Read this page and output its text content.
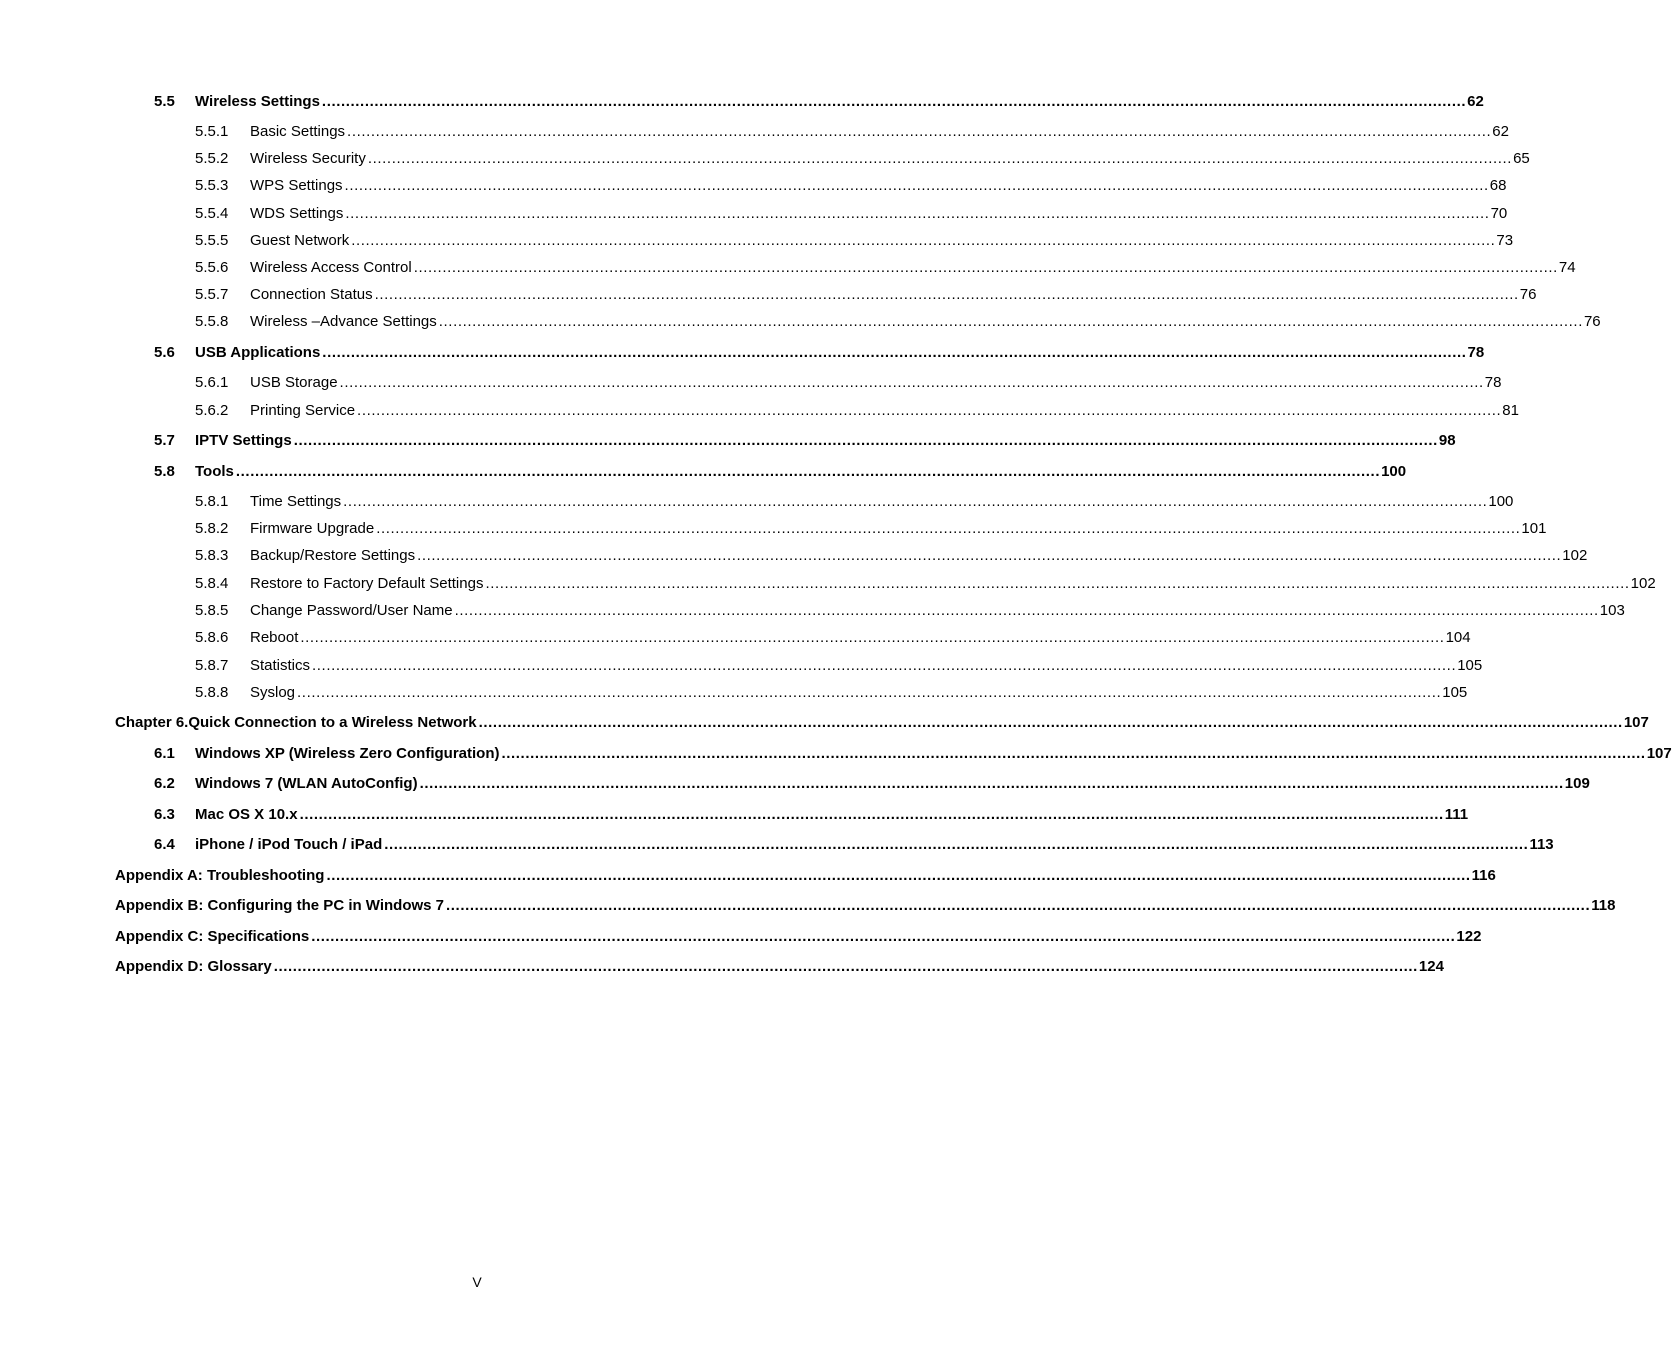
5.5	Wireless Settings ................................................................................................................................................................................................................................................ 62
5.5.1	Basic Settings ................................................................................................................................................................................................................................................ 62
5.5.2	Wireless Security ................................................................................................................................................................................................................................................ 65
5.5.3	WPS Settings ................................................................................................................................................................................................................................................ 68
5.5.4	WDS Settings ................................................................................................................................................................................................................................................ 70
5.5.5	Guest Network ................................................................................................................................................................................................................................................ 73
5.5.6	Wireless Access Control ................................................................................................................................................................................................................................................ 74
5.5.7	Connection Status ................................................................................................................................................................................................................................................ 76
5.5.8	Wireless –Advance Settings ................................................................................................................................................................................................................................................ 76
5.6	USB Applications ................................................................................................................................................................................................................................................ 78
5.6.1	USB Storage ................................................................................................................................................................................................................................................ 78
5.6.2	Printing Service ................................................................................................................................................................................................................................................ 81
5.7	IPTV Settings ................................................................................................................................................................................................................................................ 98
5.8	Tools ................................................................................................................................................................................................................................................ 100
5.8.1	Time Settings ................................................................................................................................................................................................................................................ 100
5.8.2	Firmware Upgrade ................................................................................................................................................................................................................................................ 101
5.8.3	Backup/Restore Settings ................................................................................................................................................................................................................................................ 102
5.8.4	Restore to Factory Default Settings ................................................................................................................................................................................................................................................ 102
5.8.5	Change Password/User Name ................................................................................................................................................................................................................................................ 103
5.8.6	Reboot ................................................................................................................................................................................................................................................ 104
5.8.7	Statistics ................................................................................................................................................................................................................................................ 105
5.8.8	Syslog ................................................................................................................................................................................................................................................ 105
Chapter 6.Quick Connection to a Wireless Network ................................................................................................................................................................................................................................................ 107
6.1	Windows XP (Wireless Zero Configuration) ................................................................................................................................................................................................................................................ 107
6.2	Windows 7 (WLAN AutoConfig) ................................................................................................................................................................................................................................................ 109
6.3	Mac OS X 10.x ................................................................................................................................................................................................................................................ 111
6.4	iPhone / iPod Touch / iPad ................................................................................................................................................................................................................................................ 113
Appendix A: Troubleshooting ................................................................................................................................................................................................................................................ 116
Appendix B: Configuring the PC in Windows 7 ................................................................................................................................................................................................................................................ 118
Appendix C: Specifications ................................................................................................................................................................................................................................................ 122
Appendix D: Glossary ................................................................................................................................................................................................................................................ 124
V
